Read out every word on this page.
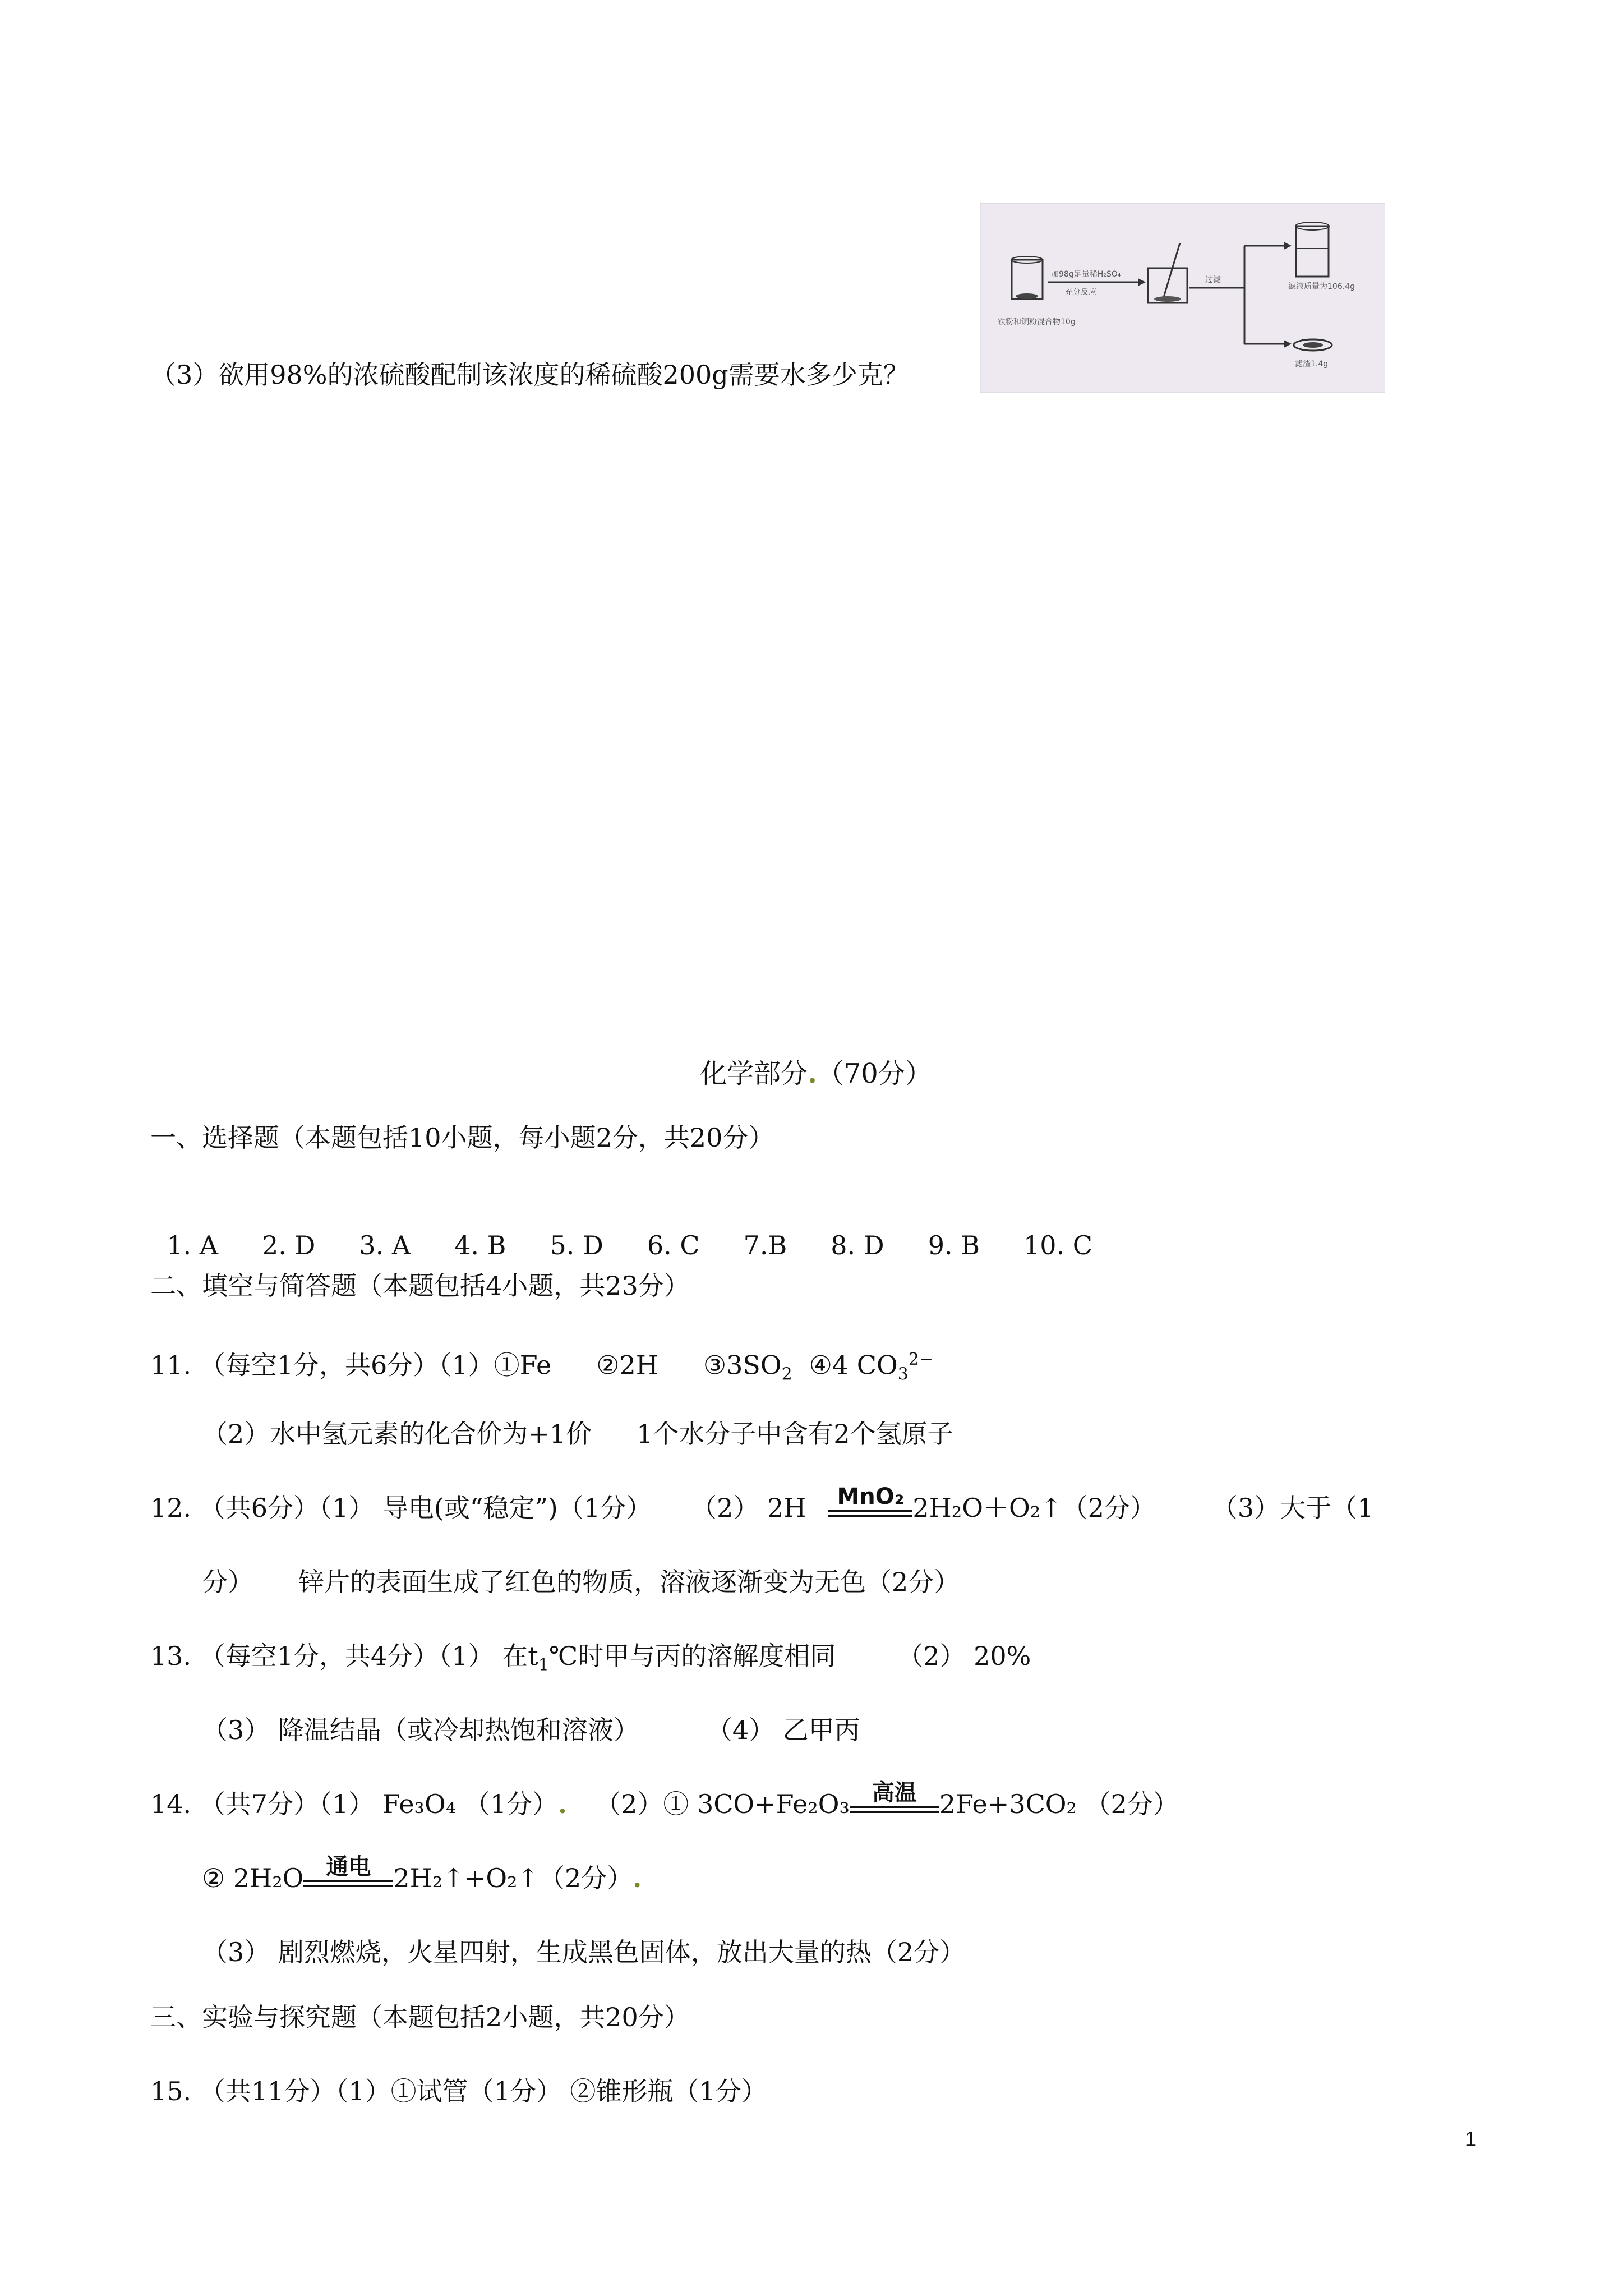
铁粉和铜粉混合物10g
加98g足量稀H₂SO₄
充分反应
过滤
滤液质量为106.4g
滤渣1.4g
（3）欲用98%的浓硫酸配制该浓度的稀硫酸200g需要水多少克？
化学部分.（70分）
一、选择题（本题包括10小题，每小题2分，共20分）

1. A 2. D 3. A 4. B 5. D 6. C 7.B 8. D 9. B 10. C

二、填空与简答题（本题包括4小题，共23分）
11. （每空1分，共6分）（1）①Fe ②2H $③3SO_2$ ④4 $CO_3^{2-}$
（2）水中氢元素的化合价为+1价 1个水分子中含有2个氢原子
12. （共6分）（1） 导电(或“稳定”)（1分） （2） 2H	MnO₂ 2H₂O＋O₂↑（2分） （3）大于（1
分） 锌片的表面生成了红色的物质，溶液逐渐变为无色（2分）
13. （每空1分，共4分）（1） 在$t_1℃$时甲与丙的溶解度相同 （2） 20%
（3） 降温结晶（或冷却热饱和溶液）	（4） 乙甲丙
14. （共7分）（1） Fe₃O₄ （1分）. （2）① 3CO+Fe₂O₃	高温 2Fe+3CO₂ （2分）
② 2H₂O	通电 2H₂↑+O₂↑（2分）.
（3） 剧烈燃烧，火星四射，生成黑色固体，放出大量的热（2分）
三、实验与探究题（本题包括2小题，共20分）
15. （共11分）（1）①试管（1分） ②锥形瓶（1分）
1
